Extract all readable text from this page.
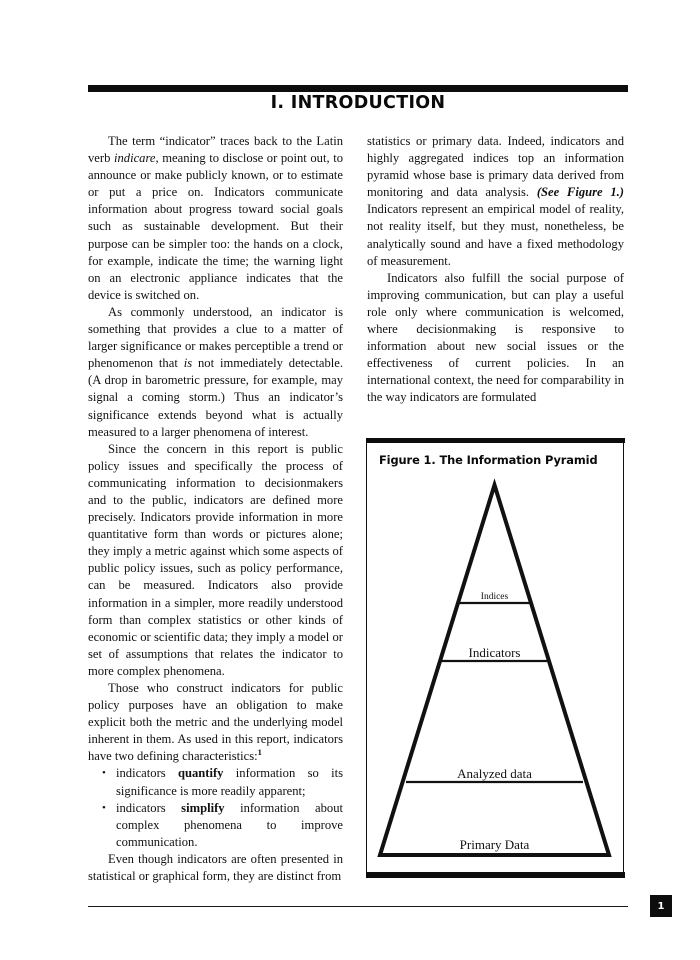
I. INTRODUCTION

The term “indicator” traces back to the Latin verb indicare, meaning to disclose or point out, to announce or make publicly known, or to estimate or put a price on. Indicators communicate information about progress toward social goals such as sustainable development. But their purpose can be simpler too: the hands on a clock, for example, indicate the time; the warning light on an electronic appliance indicates that the device is switched on.

As commonly understood, an indicator is something that provides a clue to a matter of larger significance or makes perceptible a trend or phenomenon that is not immediately detectable. (A drop in barometric pressure, for example, may signal a coming storm.) Thus an indicator’s significance extends beyond what is actually measured to a larger phenomena of interest.

Since the concern in this report is public policy issues and specifically the process of communicating information to decisionmakers and to the public, indicators are defined more precisely. Indicators provide information in more quantitative form than words or pictures alone; they imply a metric against which some aspects of public policy issues, such as policy performance, can be measured. Indicators also provide information in a simpler, more readily understood form than complex statistics or other kinds of economic or scientific data; they imply a model or set of assumptions that relates the indicator to more complex phenomena.

Those who construct indicators for public policy purposes have an obligation to make explicit both the metric and the underlying model inherent in them. As used in this report, indicators have two defining characteristics:$^1$

• indicators quantify information so its significance is more readily apparent;
• indicators simplify information about complex phenomena to improve communication.

Even though indicators are often presented in statistical or graphical form, they are distinct from

statistics or primary data. Indeed, indicators and highly aggregated indices top an information pyramid whose base is primary data derived from monitoring and data analysis. (See Figure 1.) Indicators represent an empirical model of reality, not reality itself, but they must, nonetheless, be analytically sound and have a fixed methodology of measurement.

Indicators also fulfill the social purpose of improving communication, but can play a useful role only where communication is welcomed, where decisionmaking is responsive to information about new social issues or the effectiveness of current policies. In an international context, the need for comparability in the way indicators are formulated

Figure 1. The Information Pyramid
Indices
Indicators
Analyzed data
Primary Data
1
